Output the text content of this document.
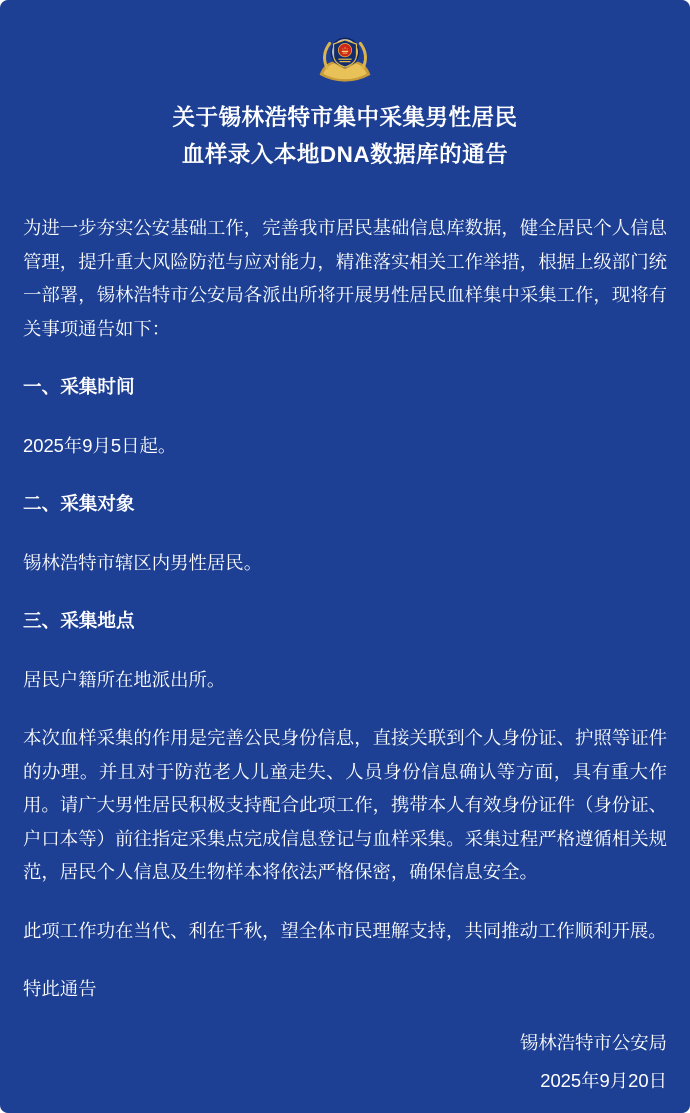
关于锡林浩特市集中采集男性居民
血样录入本地DNA数据库的通告

为进一步夯实公安基础工作，完善我市居民基础信息库数据，健全居民个人信息管理，提升重大风险防范与应对能力，精准落实相关工作举措，根据上级部门统一部署，锡林浩特市公安局各派出所将开展男性居民血样集中采集工作，现将有关事项通告如下：

一、采集时间

2025年9月5日起。

二、采集对象

锡林浩特市辖区内男性居民。

三、采集地点

居民户籍所在地派出所。

本次血样采集的作用是完善公民身份信息，直接关联到个人身份证、护照等证件的办理。并且对于防范老人儿童走失、人员身份信息确认等方面，具有重大作用。请广大男性居民积极支持配合此项工作，携带本人有效身份证件（身份证、户口本等）前往指定采集点完成信息登记与血样采集。采集过程严格遵循相关规范，居民个人信息及生物样本将依法严格保密，确保信息安全。

此项工作功在当代、利在千秋，望全体市民理解支持，共同推动工作顺利开展。

特此通告

锡林浩特市公安局
2025年9月20日
